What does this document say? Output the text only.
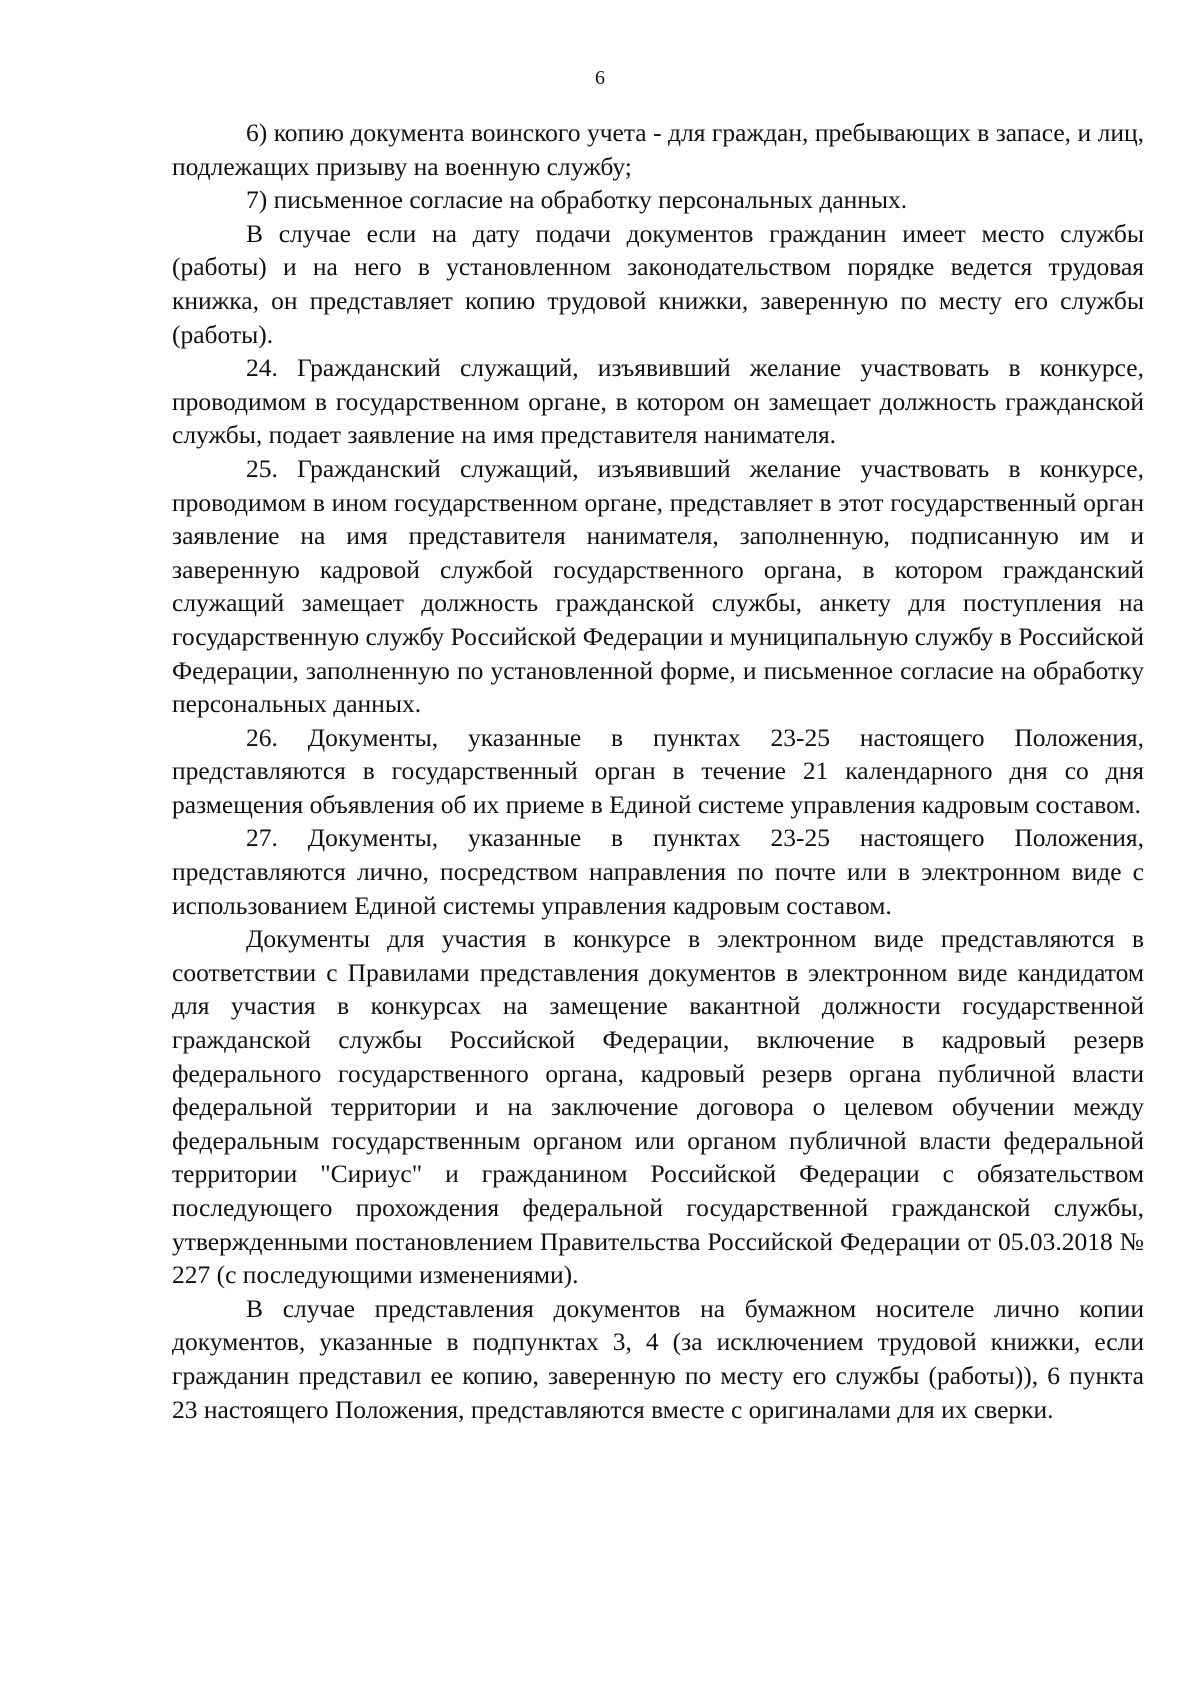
6

6) копию документа воинского учета - для граждан, пребывающих в запасе, и лиц, подлежащих призыву на военную службу;

7) письменное согласие на обработку персональных данных.

В случае если на дату подачи документов гражданин имеет место службы (работы) и на него в установленном законодательством порядке ведется трудовая книжка, он представляет копию трудовой книжки, заверенную по месту его службы (работы).

24. Гражданский служащий, изъявивший желание участвовать в конкурсе, проводимом в государственном органе, в котором он замещает должность гражданской службы, подает заявление на имя представителя нанимателя.

25. Гражданский служащий, изъявивший желание участвовать в конкурсе, проводимом в ином государственном органе, представляет в этот государственный орган заявление на имя представителя нанимателя, заполненную, подписанную им и заверенную кадровой службой государственного органа, в котором гражданский служащий замещает должность гражданской службы, анкету для поступления на государственную службу Российской Федерации и муниципальную службу в Российской Федерации, заполненную по установленной форме, и письменное согласие на обработку персональных данных.

26. Документы, указанные в пунктах 23-25 настоящего Положения, представляются в государственный орган в течение 21 календарного дня со дня размещения объявления об их приеме в Единой системе управления кадровым составом.

27. Документы, указанные в пунктах 23-25 настоящего Положения, представляются лично, посредством направления по почте или в электронном виде с использованием Единой системы управления кадровым составом.

Документы для участия в конкурсе в электронном виде представляются в соответствии с Правилами представления документов в электронном виде кандидатом для участия в конкурсах на замещение вакантной должности государственной гражданской службы Российской Федерации, включение в кадровый резерв федерального государственного органа, кадровый резерв органа публичной власти федеральной территории и на заключение договора о целевом обучении между федеральным государственным органом или органом публичной власти федеральной территории "Сириус" и гражданином Российской Федерации с обязательством последующего прохождения федеральной государственной гражданской службы, утвержденными постановлением Правительства Российской Федерации от 05.03.2018 № 227 (с последующими изменениями).

В случае представления документов на бумажном носителе лично копии документов, указанные в подпунктах 3, 4 (за исключением трудовой книжки, если гражданин представил ее копию, заверенную по месту его службы (работы)), 6 пункта 23 настоящего Положения, представляются вместе с оригиналами для их сверки.
